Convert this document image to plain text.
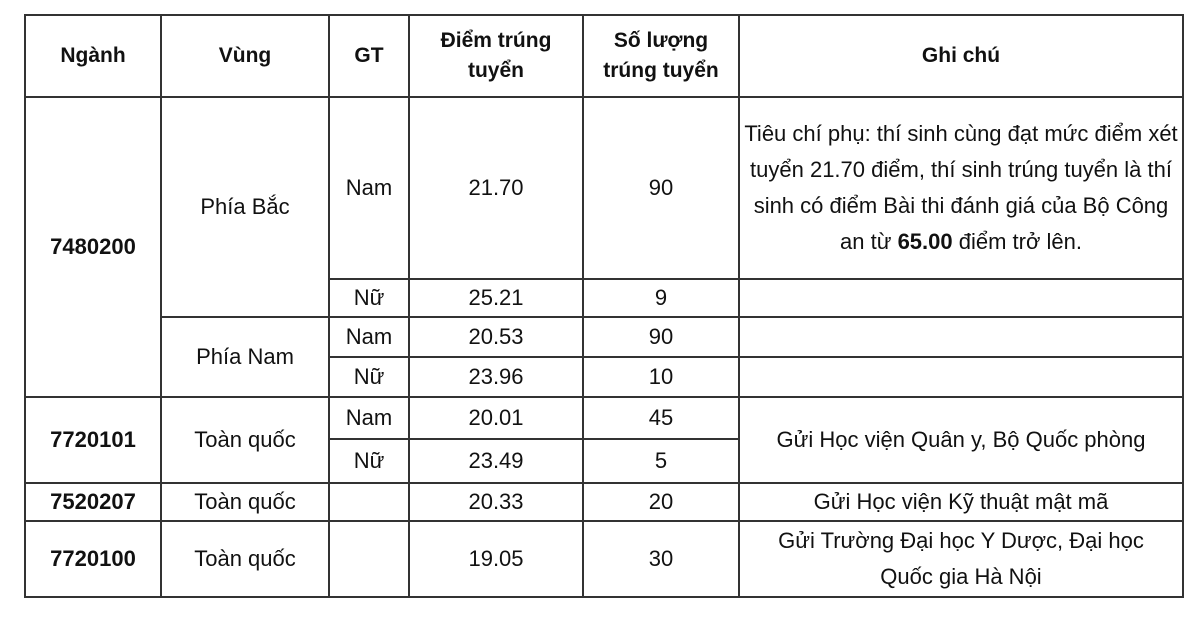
Ngành	Vùng	GT	Điểm trúng tuyển	Số lượng trúng tuyển	Ghi chú
7480200	Phía Bắc	Nam	21.70	90	Tiêu chí phụ: thí sinh cùng đạt mức điểm xét tuyển 21.70 điểm, thí sinh trúng tuyển là thí sinh có điểm Bài thi đánh giá của Bộ Công an từ 65.00 điểm trở lên.
		Nữ	25.21	9	
	Phía Nam	Nam	20.53	90	
		Nữ	23.96	10	
7720101	Toàn quốc	Nam	20.01	45	Gửi Học viện Quân y, Bộ Quốc phòng
		Nữ	23.49	5	
7520207	Toàn quốc		20.33	20	Gửi Học viện Kỹ thuật mật mã
7720100	Toàn quốc		19.05	30	Gửi Trường Đại học Y Dược, Đại học Quốc gia Hà Nội
